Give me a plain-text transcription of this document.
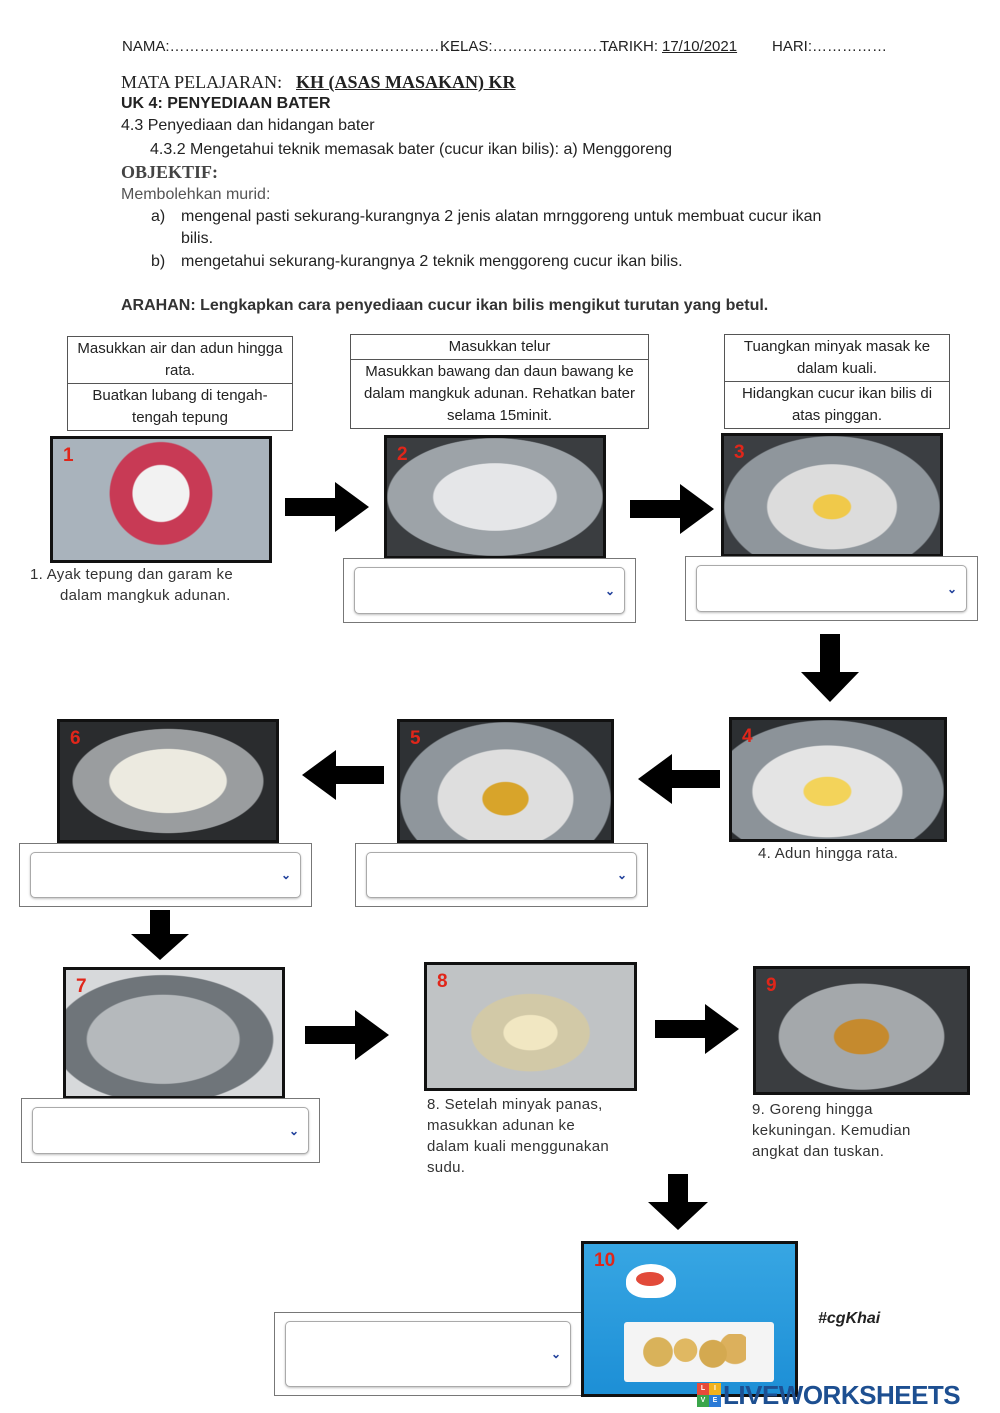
NAMA:……………………………………………………
KELAS:…………………….
TARIKH: 17/10/2021 HARI:……………
MATA PELAJARAN: KH (ASAS MASAKAN) KR
UK 4: PENYEDIAAN BATER
4.3 Penyediaan dan hidangan bater
4.3.2 Mengetahui teknik memasak bater (cucur ikan bilis): a) Menggoreng
OBJEKTIF:
Membolehkan murid:
a) mengenal pasti sekurang-kurangnya 2 jenis alatan mrnggoreng untuk membuat cucur ikan
bilis.
b) mengetahui sekurang-kurangnya 2 teknik menggoreng cucur ikan bilis.
ARAHAN: Lengkapkan cara penyediaan cucur ikan bilis mengikut turutan yang betul.
Masukkan air dan adun hingga rata.
Buatkan lubang di tengah-tengah tepung
Masukkan telur
Masukkan bawang dan daun bawang ke dalam mangkuk adunan. Rehatkan bater selama 15minit.
Tuangkan minyak masak ke dalam kuali.
Hidangkan cucur ikan bilis di atas pinggan.
1
1. Ayak tepung dan garam ke
dalam mangkuk adunan.
2
⌄
3
⌄
6
⌄
5
⌄
4
4. Adun hingga rata.
7
⌄
8
8. Setelah minyak panas,
masukkan adunan ke
dalam kuali menggunakan
sudu.
9
9. Goreng hingga
kekuningan. Kemudian
angkat dan tuskan.
⌄
10
#cgKhai
L	I
V	E LIVEWORKSHEETS
